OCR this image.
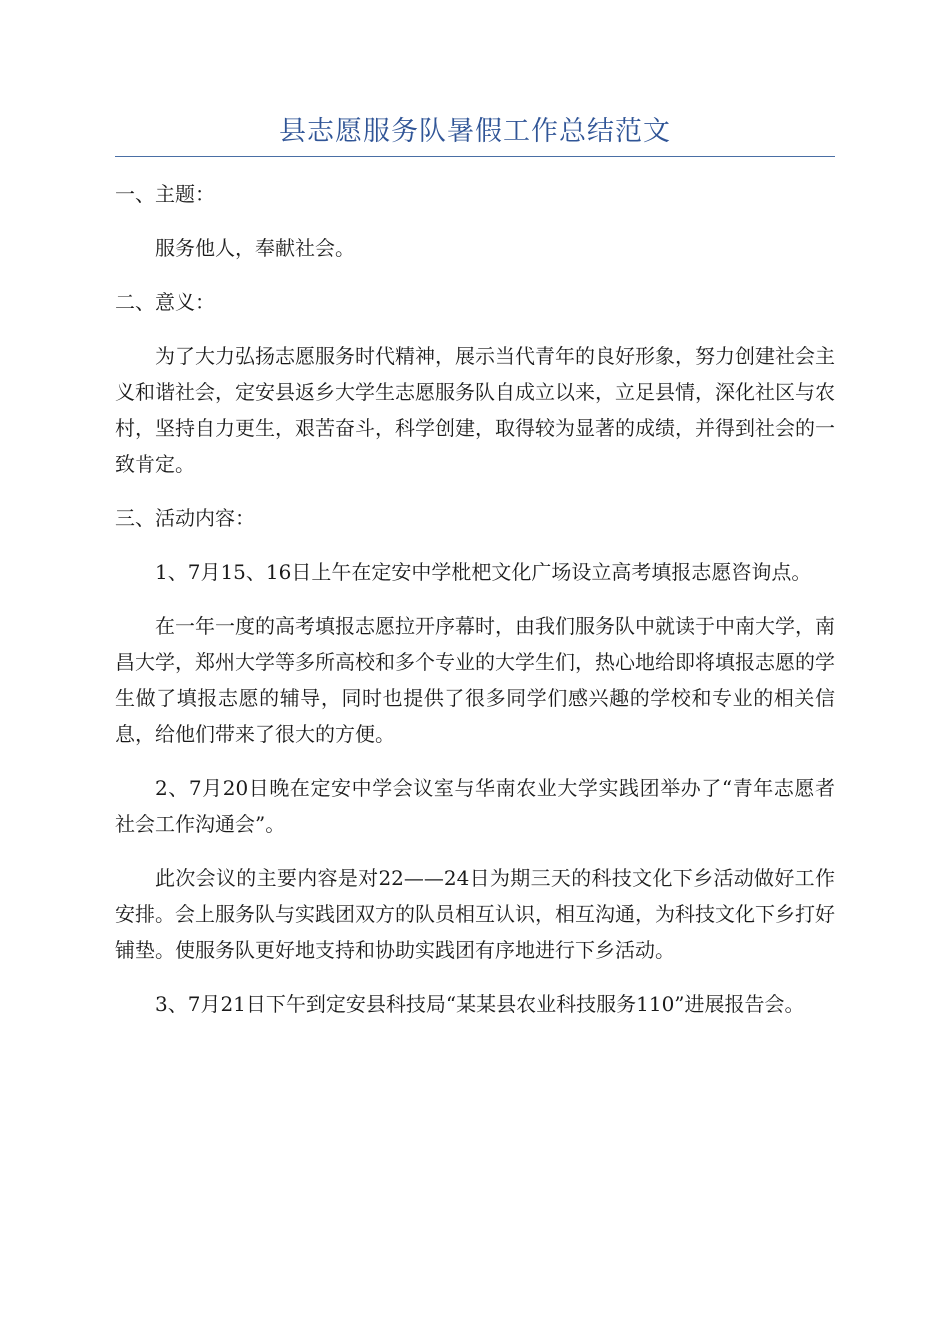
县志愿服务队暑假工作总结范文

一、主题：

服务他人，奉献社会。

二、意义：

为了大力弘扬志愿服务时代精神，展示当代青年的良好形象，努力创建社会主义和谐社会，定安县返乡大学生志愿服务队自成立以来，立足县情，深化社区与农村，坚持自力更生，艰苦奋斗，科学创建，取得较为显著的成绩，并得到社会的一致肯定。

三、活动内容：

1、7月15、16日上午在定安中学枇杷文化广场设立高考填报志愿咨询点。

在一年一度的高考填报志愿拉开序幕时，由我们服务队中就读于中南大学，南昌大学，郑州大学等多所高校和多个专业的大学生们，热心地给即将填报志愿的学生做了填报志愿的辅导，同时也提供了很多同学们感兴趣的学校和专业的相关信息，给他们带来了很大的方便。

2、7月20日晚在定安中学会议室与华南农业大学实践团举办了“青年志愿者社会工作沟通会”。

此次会议的主要内容是对22——24日为期三天的科技文化下乡活动做好工作安排。会上服务队与实践团双方的队员相互认识，相互沟通，为科技文化下乡打好铺垫。使服务队更好地支持和协助实践团有序地进行下乡活动。

3、7月21日下午到定安县科技局“某某县农业科技服务110”进展报告会。
